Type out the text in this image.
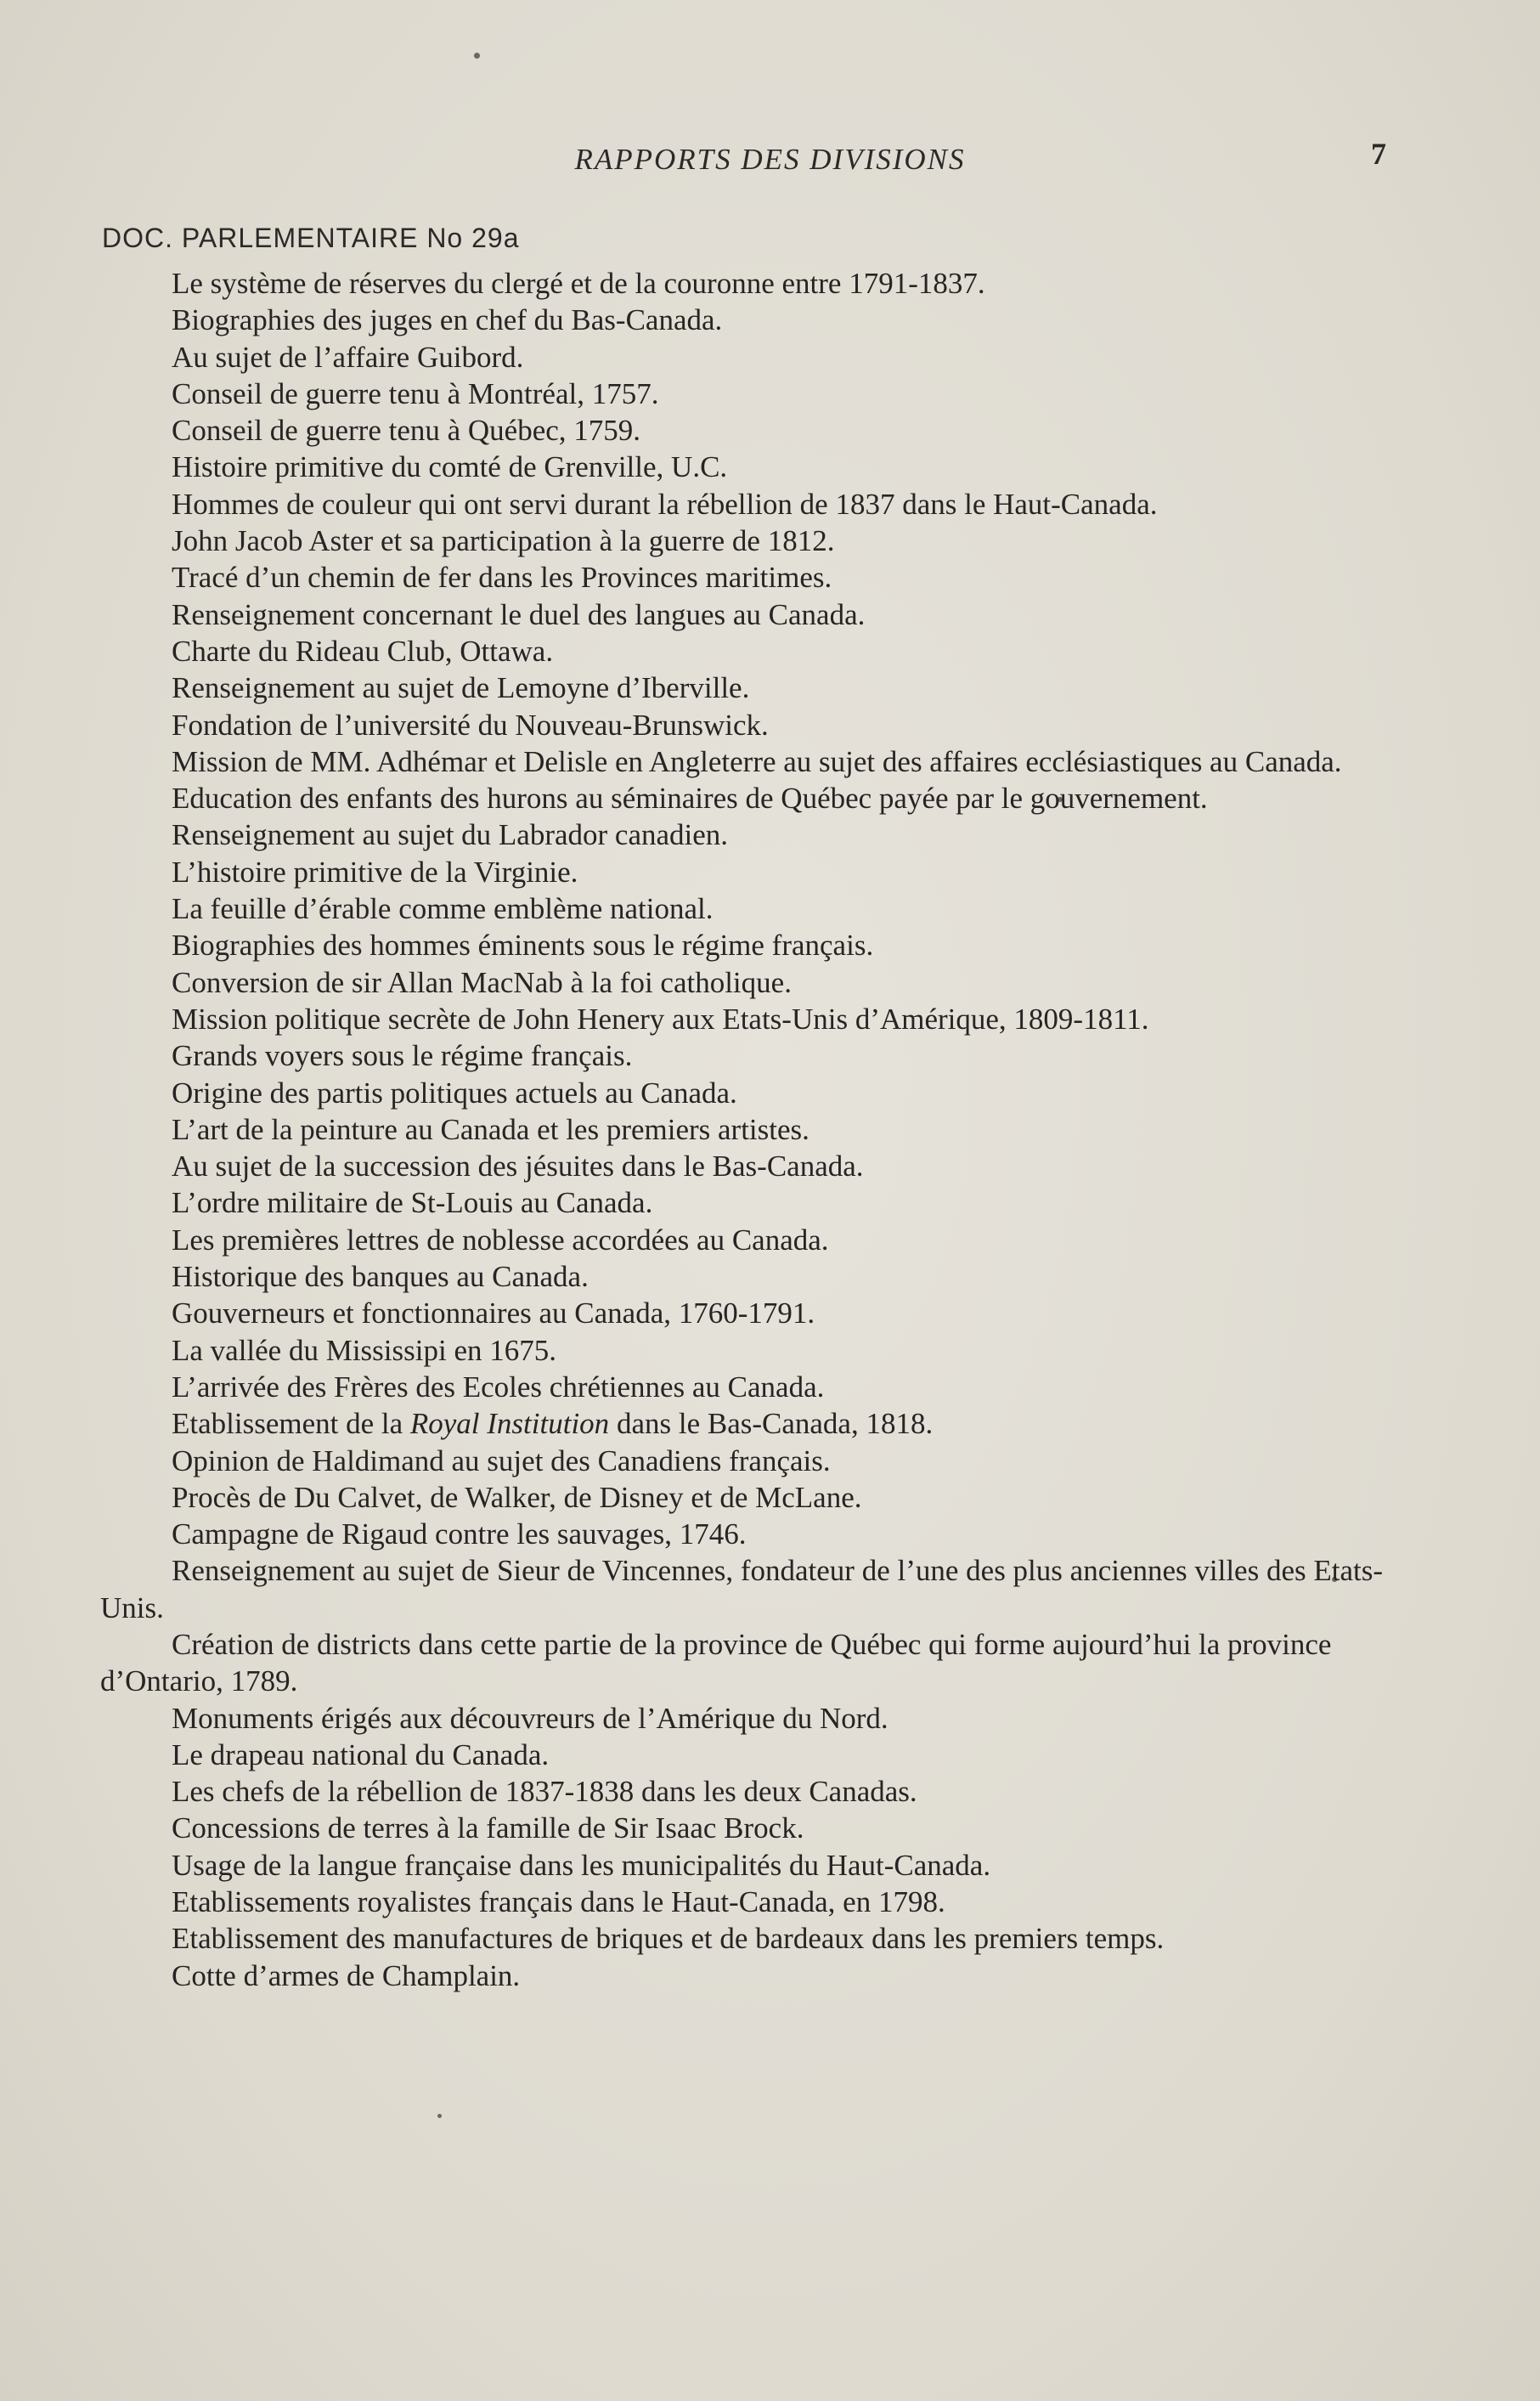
RAPPORTS DES DIVISIONS	7
DOC. PARLEMENTAIRE No 29a
Le système de réserves du clergé et de la couronne entre 1791-1837.
Biographies des juges en chef du Bas-Canada.
Au sujet de l’affaire Guibord.
Conseil de guerre tenu à Montréal, 1757.
Conseil de guerre tenu à Québec, 1759.
Histoire primitive du comté de Grenville, U.C.
Hommes de couleur qui ont servi durant la rébellion de 1837 dans le Haut-Canada.
John Jacob Aster et sa participation à la guerre de 1812.
Tracé d’un chemin de fer dans les Provinces maritimes.
Renseignement concernant le duel des langues au Canada.
Charte du Rideau Club, Ottawa.
Renseignement au sujet de Lemoyne d’Iberville.
Fondation de l’université du Nouveau-Brunswick.
Mission de MM. Adhémar et Delisle en Angleterre au sujet des affaires ecclésiastiques au Canada.
Education des enfants des hurons au séminaires de Québec payée par le gouvernement.
Renseignement au sujet du Labrador canadien.
L’histoire primitive de la Virginie.
La feuille d’érable comme emblème national.
Biographies des hommes éminents sous le régime français.
Conversion de sir Allan MacNab à la foi catholique.
Mission politique secrète de John Henery aux Etats-Unis d’Amérique, 1809-1811.
Grands voyers sous le régime français.
Origine des partis politiques actuels au Canada.
L’art de la peinture au Canada et les premiers artistes.
Au sujet de la succession des jésuites dans le Bas-Canada.
L’ordre militaire de St-Louis au Canada.
Les premières lettres de noblesse accordées au Canada.
Historique des banques au Canada.
Gouverneurs et fonctionnaires au Canada, 1760-1791.
La vallée du Mississipi en 1675.
L’arrivée des Frères des Ecoles chrétiennes au Canada.
Etablissement de la Royal Institution dans le Bas-Canada, 1818.
Opinion de Haldimand au sujet des Canadiens français.
Procès de Du Calvet, de Walker, de Disney et de McLane.
Campagne de Rigaud contre les sauvages, 1746.
Renseignement au sujet de Sieur de Vincennes, fondateur de l’une des plus anciennes villes des Etats-Unis.
Création de districts dans cette partie de la province de Québec qui forme aujourd’hui la province d’Ontario, 1789.
Monuments érigés aux découvreurs de l’Amérique du Nord.
Le drapeau national du Canada.
Les chefs de la rébellion de 1837-1838 dans les deux Canadas.
Concessions de terres à la famille de Sir Isaac Brock.
Usage de la langue française dans les municipalités du Haut-Canada.
Etablissements royalistes français dans le Haut-Canada, en 1798.
Etablissement des manufactures de briques et de bardeaux dans les premiers temps.
Cotte d’armes de Champlain.
